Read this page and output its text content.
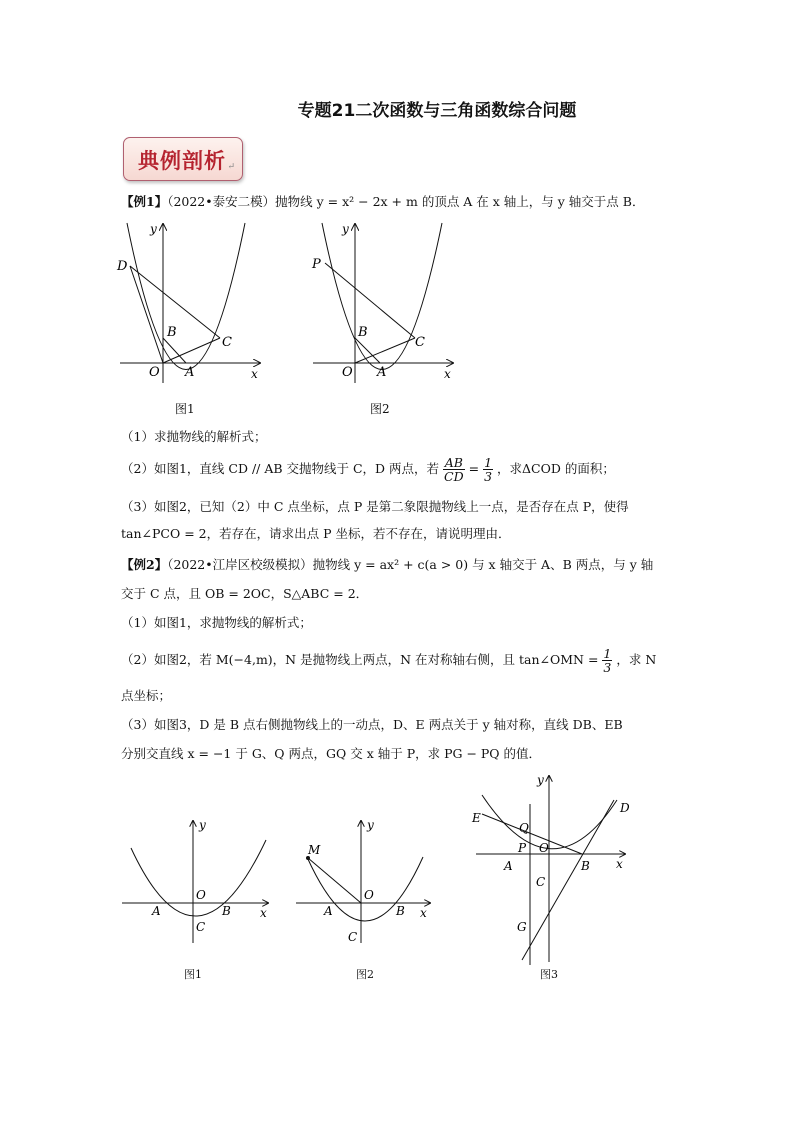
专题21二次函数与三角函数综合问题
典例剖析 ↵
【例1】（2022•泰安二模）抛物线 y = x² − 2x + m 的顶点 A 在 x 轴上，与 y 轴交于点 B．
y
D
B
C
O A	x
图1
y
P
B
C
O A	x
图2
（1）求抛物线的解析式；
（2）如图1，直线 CD // AB 交抛物线于 C，D 两点，若 $\frac{AB}{CD} = \frac{1}{3}$ ，求ΔCOD 的面积；
（3）如图2，已知（2）中 C 点坐标，点 P 是第二象限抛物线上一点，是否存在点 P，使得
tan∠PCO = 2，若存在，请求出点 P 坐标，若不存在，请说明理由．
【例2】（2022•江岸区校级模拟）抛物线 y = ax² + c(a > 0) 与 x 轴交于 A、B 两点，与 y 轴
交于 C 点，且 OB = 2OC，S△ABC = 2．
（1）如图1，求抛物线的解析式；
（2）如图2，若 M(−4,m)，N 是抛物线上两点，N 在对称轴右侧，且 tan∠OMN = $\frac{1}{3}$ ，求 N
点坐标；
（3）如图3，D 是 B 点右侧抛物线上的一动点，D、E 两点关于 y 轴对称，直线 DB、EB
分别交直线 x = −1 于 G、Q 两点，GQ 交 x 轴于 P，求 PG − PQ 的值．
y
O
A	B
C
x
图1
y
M
O
A	B
C
x
图2
y
D
E
Q
P O
A	B
C
x
G
图3
